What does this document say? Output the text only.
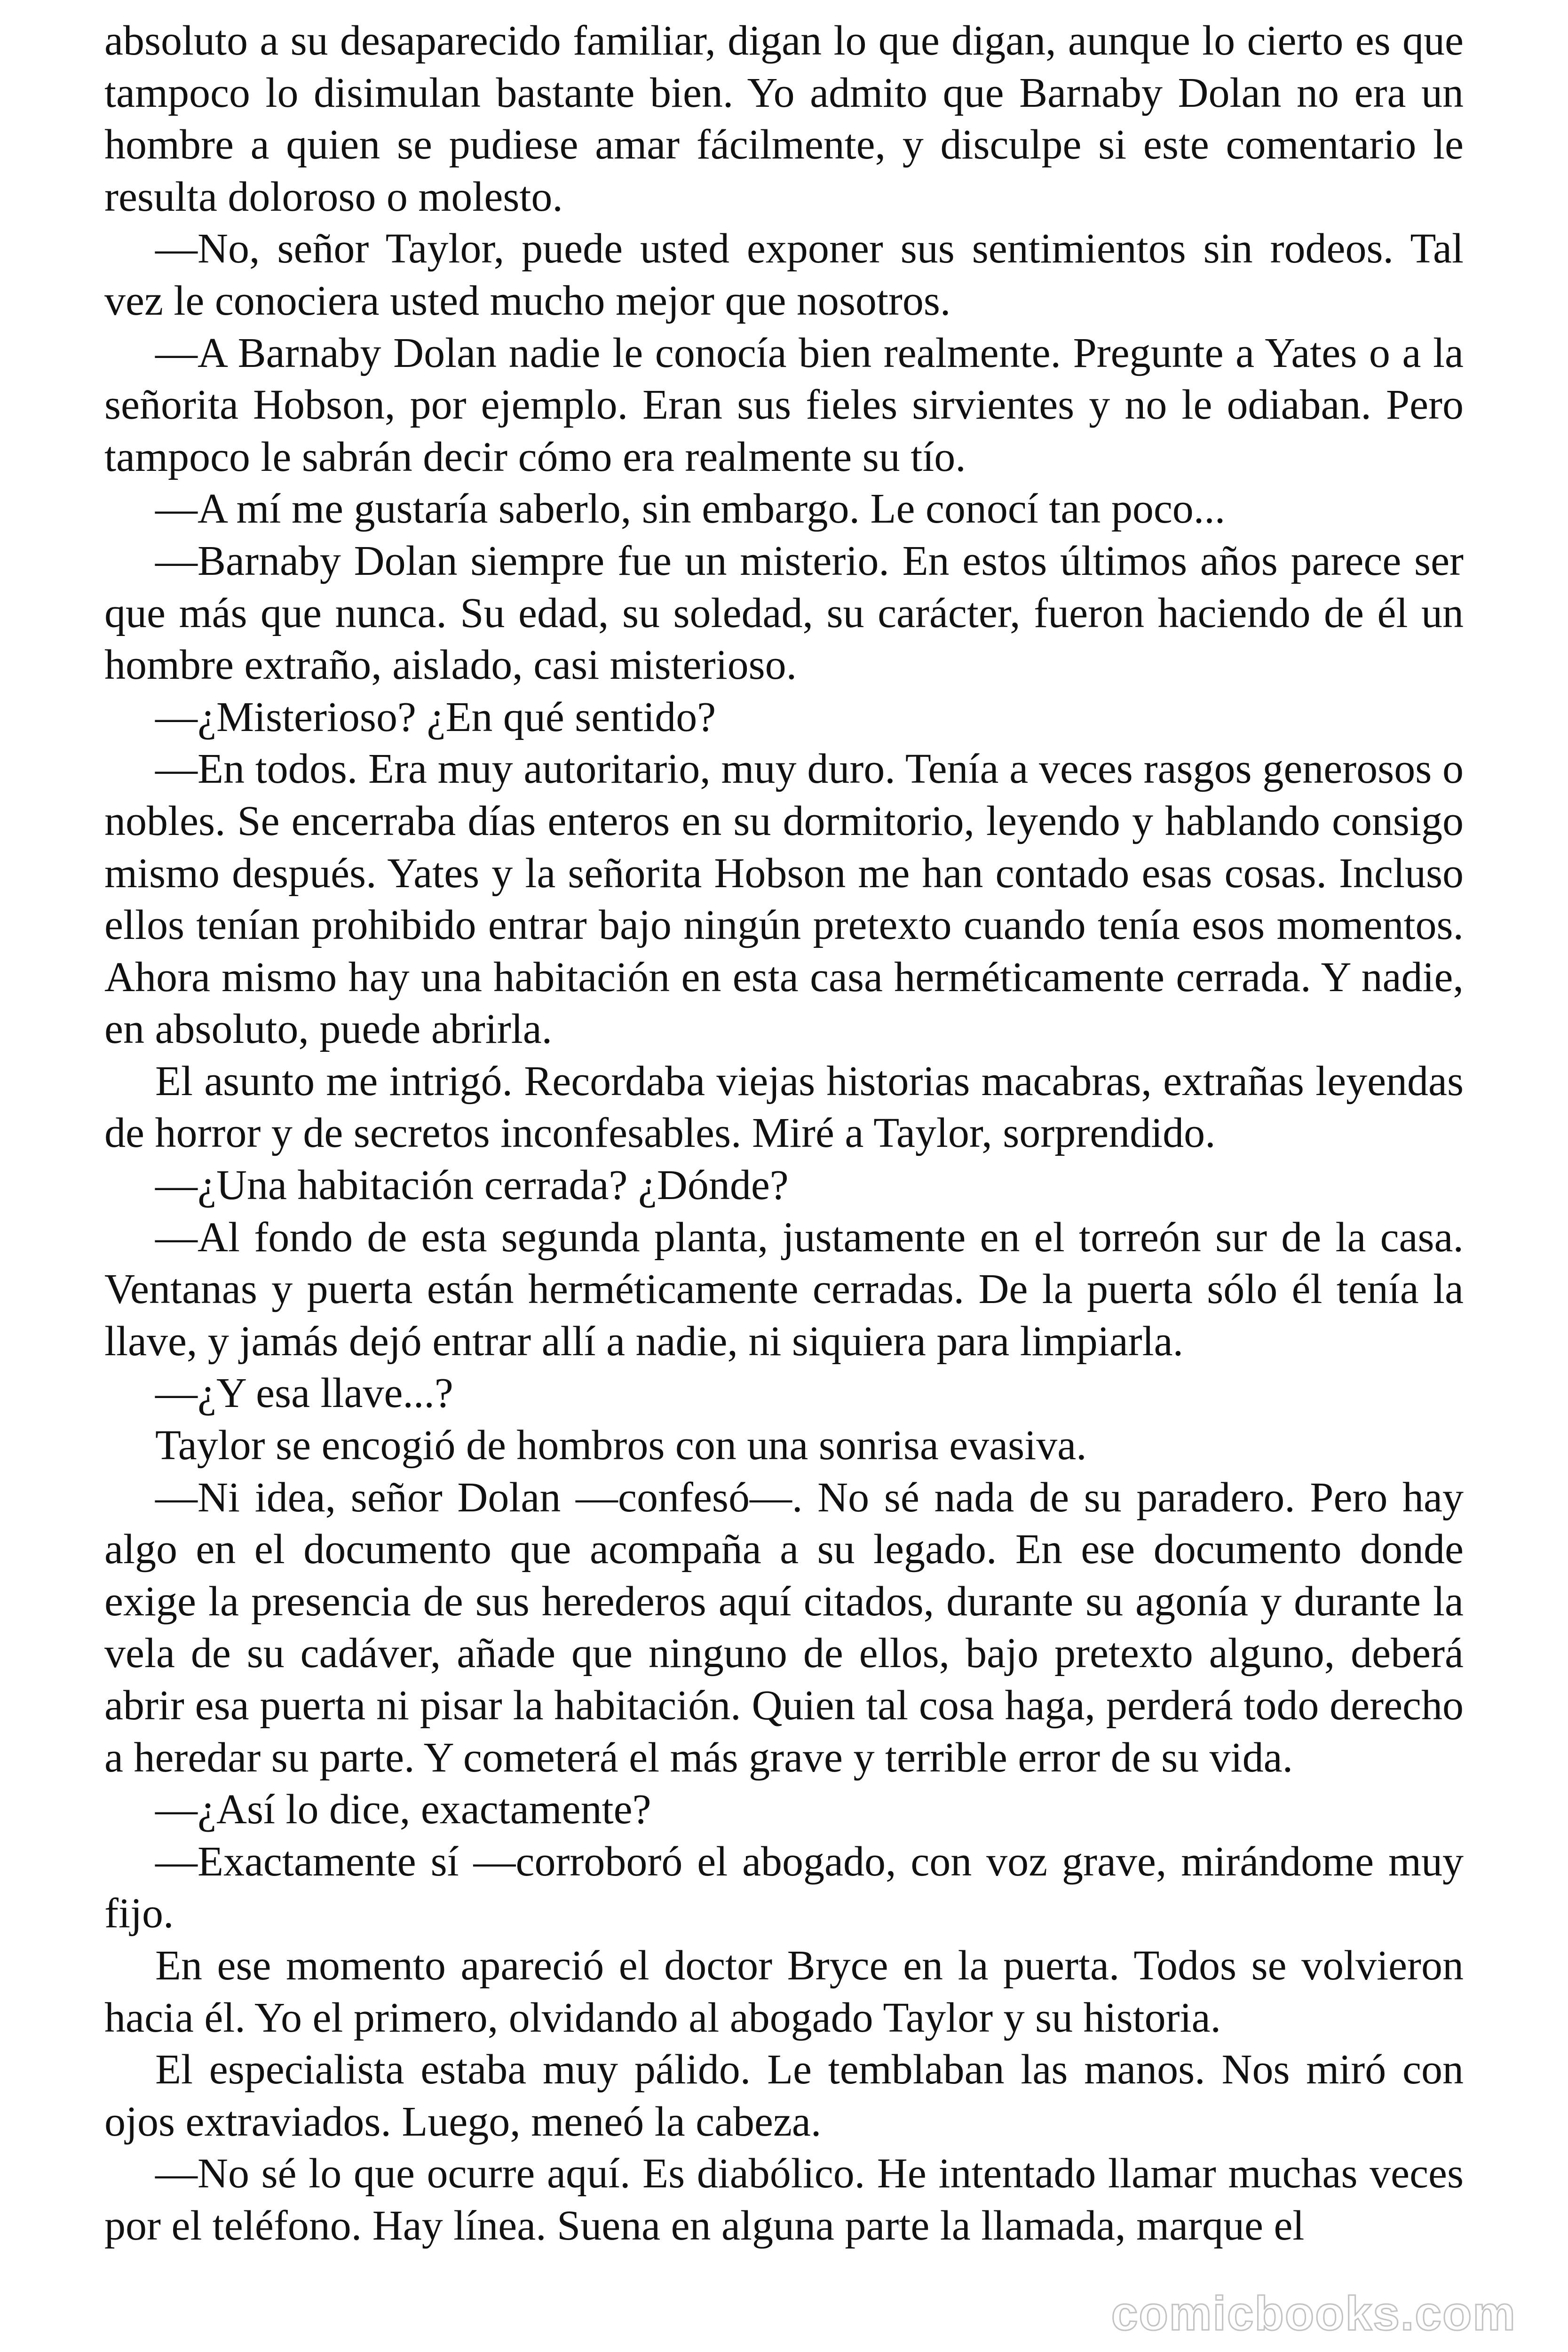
absoluto a su desaparecido familiar, digan lo que digan, aunque lo cierto es que tampoco lo disimulan bastante bien. Yo admito que Barnaby Dolan no era un hombre a quien se pudiese amar fácilmente, y disculpe si este comentario le resulta doloroso o molesto.

—No, señor Taylor, puede usted exponer sus sentimientos sin rodeos. Tal vez le conociera usted mucho mejor que nosotros.

—A Barnaby Dolan nadie le conocía bien realmente. Pregunte a Yates o a la señorita Hobson, por ejemplo. Eran sus fieles sirvientes y no le odiaban. Pero tampoco le sabrán decir cómo era realmente su tío.

—A mí me gustaría saberlo, sin embargo. Le conocí tan poco...

—Barnaby Dolan siempre fue un misterio. En estos últimos años parece ser que más que nunca. Su edad, su soledad, su carácter, fueron haciendo de él un hombre extraño, aislado, casi misterioso.

—¿Misterioso? ¿En qué sentido?

—En todos. Era muy autoritario, muy duro. Tenía a veces rasgos generosos o nobles. Se encerraba días enteros en su dormitorio, leyendo y hablando consigo mismo después. Yates y la señorita Hobson me han contado esas cosas. Incluso ellos tenían prohibido entrar bajo ningún pretexto cuando tenía esos momentos. Ahora mismo hay una habitación en esta casa herméticamente cerrada. Y nadie, en absoluto, puede abrirla.

El asunto me intrigó. Recordaba viejas historias macabras, extrañas leyendas de horror y de secretos inconfesables. Miré a Taylor, sorprendido.

—¿Una habitación cerrada? ¿Dónde?

—Al fondo de esta segunda planta, justamente en el torreón sur de la casa. Ventanas y puerta están herméticamente cerradas. De la puerta sólo él tenía la llave, y jamás dejó entrar allí a nadie, ni siquiera para limpiarla.

—¿Y esa llave...?

Taylor se encogió de hombros con una sonrisa evasiva.

—Ni idea, señor Dolan —confesó—. No sé nada de su paradero. Pero hay algo en el documento que acompaña a su legado. En ese documento donde exige la presencia de sus herederos aquí citados, durante su agonía y durante la vela de su cadáver, añade que ninguno de ellos, bajo pretexto alguno, deberá abrir esa puerta ni pisar la habitación. Quien tal cosa haga, perderá todo derecho a heredar su parte. Y cometerá el más grave y terrible error de su vida.

—¿Así lo dice, exactamente?

—Exactamente sí —corroboró el abogado, con voz grave, mirándome muy fijo.

En ese momento apareció el doctor Bryce en la puerta. Todos se volvieron hacia él. Yo el primero, olvidando al abogado Taylor y su historia.

El especialista estaba muy pálido. Le temblaban las manos. Nos miró con ojos extraviados. Luego, meneó la cabeza.

—No sé lo que ocurre aquí. Es diabólico. He intentado llamar muchas veces por el teléfono. Hay línea. Suena en alguna parte la llamada, marque el

comicbooks.com
